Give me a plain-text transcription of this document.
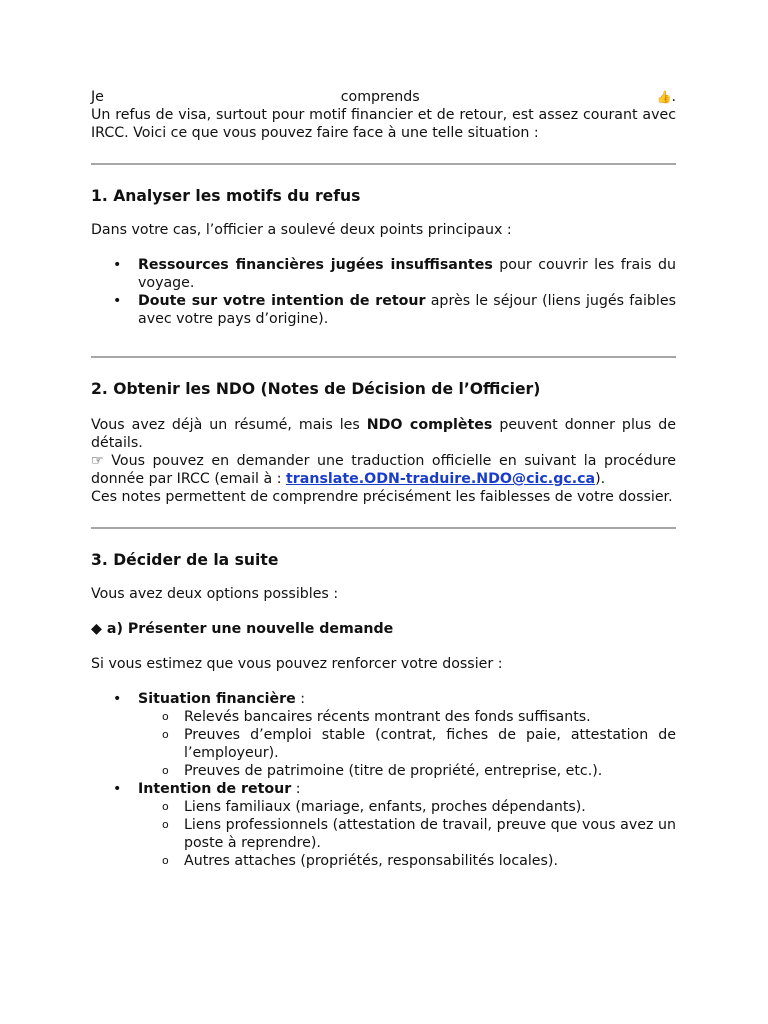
Je	comprends	👍.

Un refus de visa, surtout pour motif financier et de retour, est assez courant avec IRCC. Voici ce que vous pouvez faire face à une telle situation :

1. Analyser les motifs du refus

Dans votre cas, l’officier a soulevé deux points principaux :

• Ressources financières jugées insuffisantes pour couvrir les frais du voyage.
• Doute sur votre intention de retour après le séjour (liens jugés faibles avec votre pays d’origine).
2. Obtenir les NDO (Notes de Décision de l’Officier)

Vous avez déjà un résumé, mais les NDO complètes peuvent donner plus de détails.

☞ Vous pouvez en demander une traduction officielle en suivant la procédure donnée par IRCC (email à : translate.ODN-traduire.NDO@cic.gc.ca).

Ces notes permettent de comprendre précisément les faiblesses de votre dossier.

3. Décider de la suite

Vous avez deux options possibles :

◆ a) Présenter une nouvelle demande

Si vous estimez que vous pouvez renforcer votre dossier :

• Situation financière :
o Relevés bancaires récents montrant des fonds suffisants.
o Preuves d’emploi stable (contrat, fiches de paie, attestation de l’employeur).
o Preuves de patrimoine (titre de propriété, entreprise, etc.).
• Intention de retour :
o Liens familiaux (mariage, enfants, proches dépendants).
o Liens professionnels (attestation de travail, preuve que vous avez un poste à reprendre).
o Autres attaches (propriétés, responsabilités locales).
